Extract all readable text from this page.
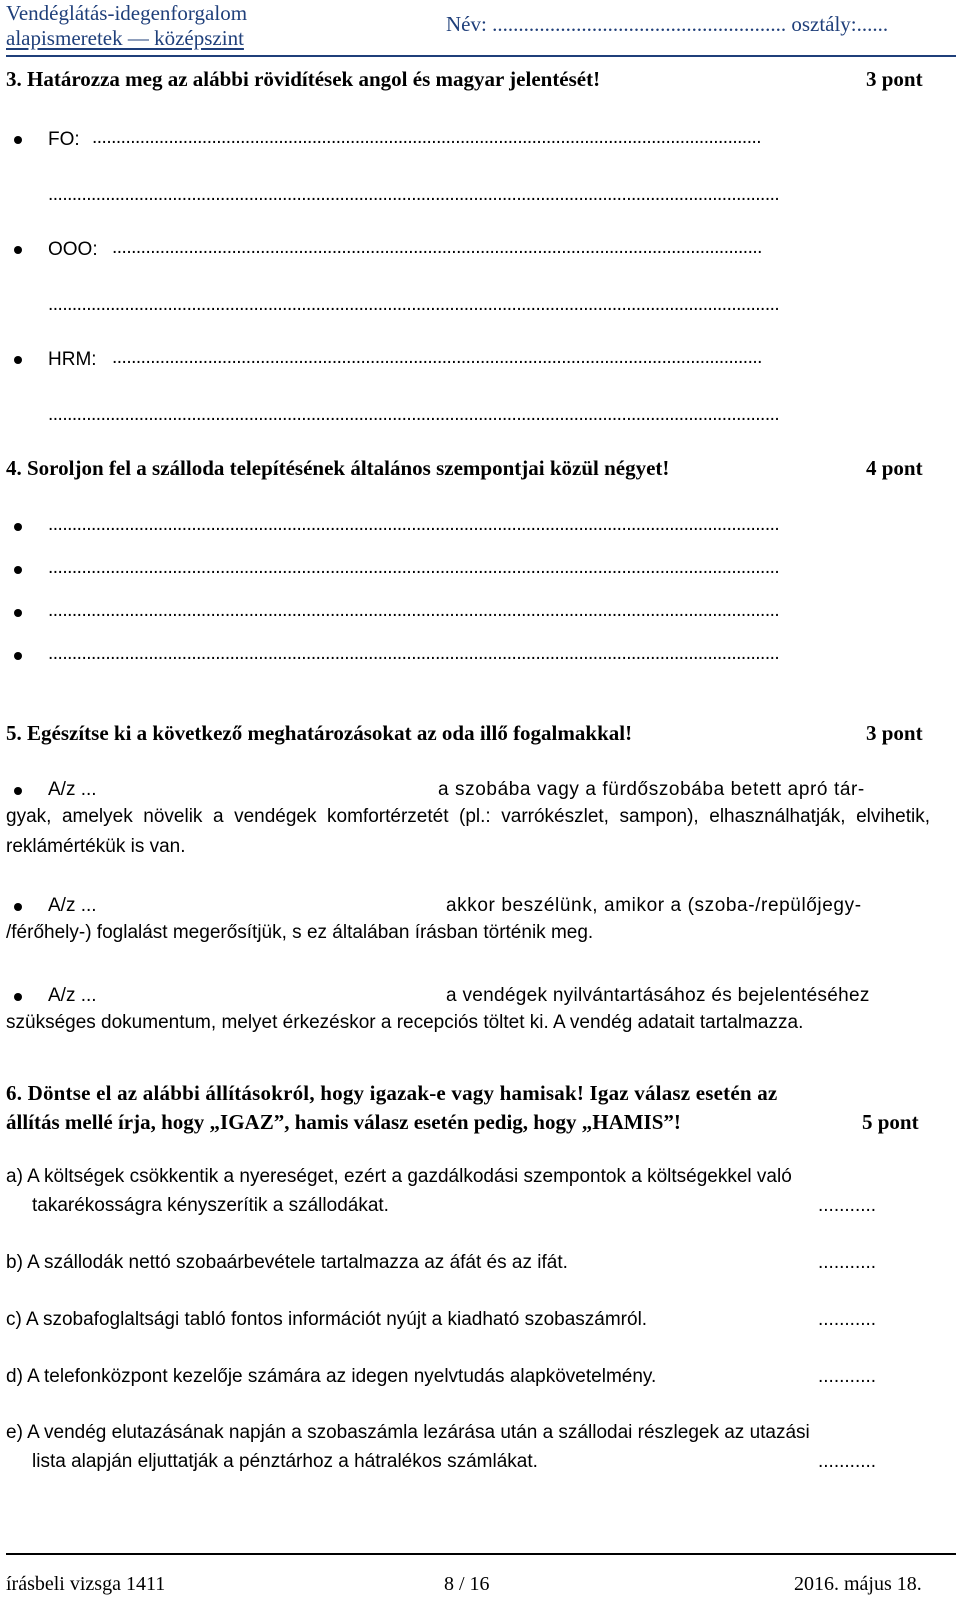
Vendéglátás-idegenforgalom
alapismeretek — középszint
Név: ........................................................ osztály:......
3. Határozza meg az alábbi rövidítések angol és magyar jelentését!	3 pont
FO: ............................................................................................................................................
.........................................................................................................................................................
OOO: ........................................................................................................................................
.........................................................................................................................................................
HRM: ........................................................................................................................................
.........................................................................................................................................................
4. Soroljon fel a szálloda telepítésének általános szempontjai közül négyet!	4 pont
.........................................................................................................................................................
.........................................................................................................................................................
.........................................................................................................................................................
.........................................................................................................................................................
5. Egészítse ki a következő meghatározásokat az oda illő fogalmakkal!	3 pont
A/z ...	a szobába vagy a fürdőszobába betett apró tár-
gyak, amelyek növelik a vendégek komfortérzetét (pl.: varrókészlet, sampon), elhasználhatják, elvihetik, reklámértékük is van.
A/z ...	akkor beszélünk, amikor a (szoba-/repülőjegy-
/férőhely-) foglalást megerősítjük, s ez általában írásban történik meg.
A/z ...	a vendégek nyilvántartásához és bejelentéséhez
szükséges dokumentum, melyet érkezéskor a recepciós töltet ki. A vendég adatait tartalmazza.
6. Döntse el az alábbi állításokról, hogy igazak-e vagy hamisak! Igaz válasz esetén az
állítás mellé írja, hogy „IGAZ”, hamis válasz esetén pedig, hogy „HAMIS”!	5 pont
a) A költségek csökkentik a nyereséget, ezért a gazdálkodási szempontok a költségekkel való
takarékosságra kényszerítik a szállodákat.	...........
b) A szállodák nettó szobaárbevétele tartalmazza az áfát és az ifát.	...........
c) A szobafoglaltsági tabló fontos információt nyújt a kiadható szobaszámról.	...........
d) A telefonközpont kezelője számára az idegen nyelvtudás alapkövetelmény.	...........
e) A vendég elutazásának napján a szobaszámla lezárása után a szállodai részlegek az utazási
lista alapján eljuttatják a pénztárhoz a hátralékos számlákat.	...........
írásbeli vizsga 1411	8 / 16	2016. május 18.
